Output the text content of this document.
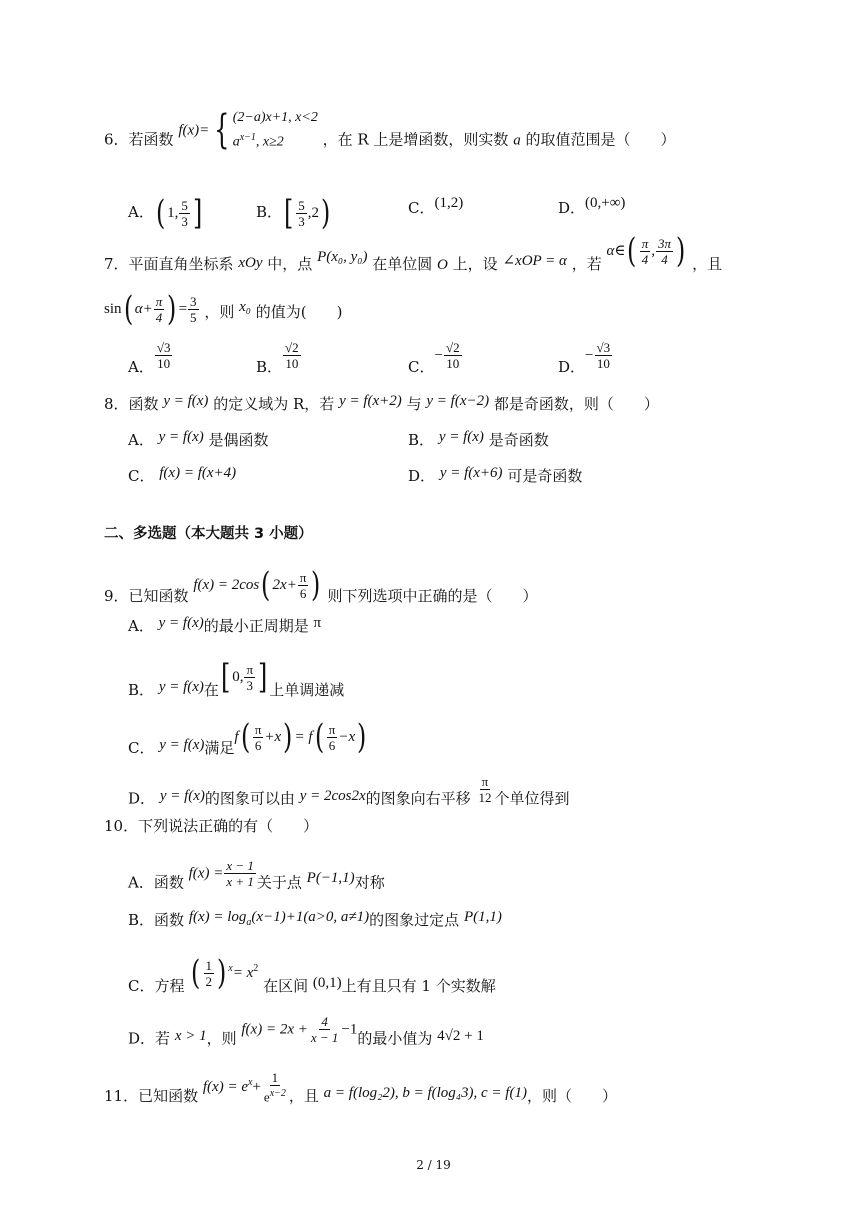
6．若函数 f(x)= { (2−a)x+1, x<2
$a^{x-1}$, x≥2	，在 R 上是增函数，则实数 a 的取值范围是（　　）
A．( 1, $\frac{5}{3}$ ]	B．[ $\frac{5}{3} ,2$)	C．(1,2)	D．(0,+∞)
7．平面直角坐标系 xOy 中，点 P(x₀, y₀) 在单位圆 O 上，设 ∠xOP = α ，若 α∈( $\frac{\pi}{4}$ , $\frac{3\pi}{4}$ ) ，且
sin( $\alpha+ \frac{\pi}{4}$ ) = $\frac{3}{5}$ ，则 x₀ 的值为(　　)
A． $\frac{√3}{10}$	B． $\frac{√2}{10}$	C．− $\frac{√2}{10}$	D．− $\frac{√3}{10}$
8．函数 y = f(x) 的定义域为 R，若 y = f(x+2) 与 y = f(x−2) 都是奇函数，则（　　）
A． y = f(x) 是偶函数	B． y = f(x) 是奇函数
C． f(x) = f(x+4)	D． y = f(x+6) 可是奇函数
二、多选题（本大题共 3 小题）
9．已知函数 f(x) = 2cos( $2x+ \frac{\pi}{6}$ ) 则下列选项中正确的是（　　）
A． y = f(x)的最小正周期是 π
B． y = f(x)在[ 0, $\frac{\pi}{3}$ ] 上单调递减
C． y = f(x)满足$f( \frac{\pi}{6} +x) = f( \frac{\pi}{6} -x)$
D． y = f(x)的图象可以由 y = 2cos2x的图象向右平移 $\frac{\pi}{12}$ 个单位得到
10．下列说法正确的有（　　）
A．函数 $f(x) = \frac{x - 1}{x + 1}$ 关于点 P(−1,1)对称
B．函数 $f(x) = \log_a(x-1)+1(a>0$, a≠1)的图象过定点 P(1,1)
C．方程 ( $\frac{1}{2}$ ) $^x= x^2$ 在区间 (0,1)上有且只有 1 个实数解
D．若 x > 1，则 $f(x) = 2x + \frac{4}{x - 1} -1$的最小值为 4√2 + 1
11．已知函数 $f(x) = e^x+ \frac{1}{e^{x-2}}$ ，且 a = f(log₂2), b = f(log₄3), c = f(1)，则（　　）
2 / 19
